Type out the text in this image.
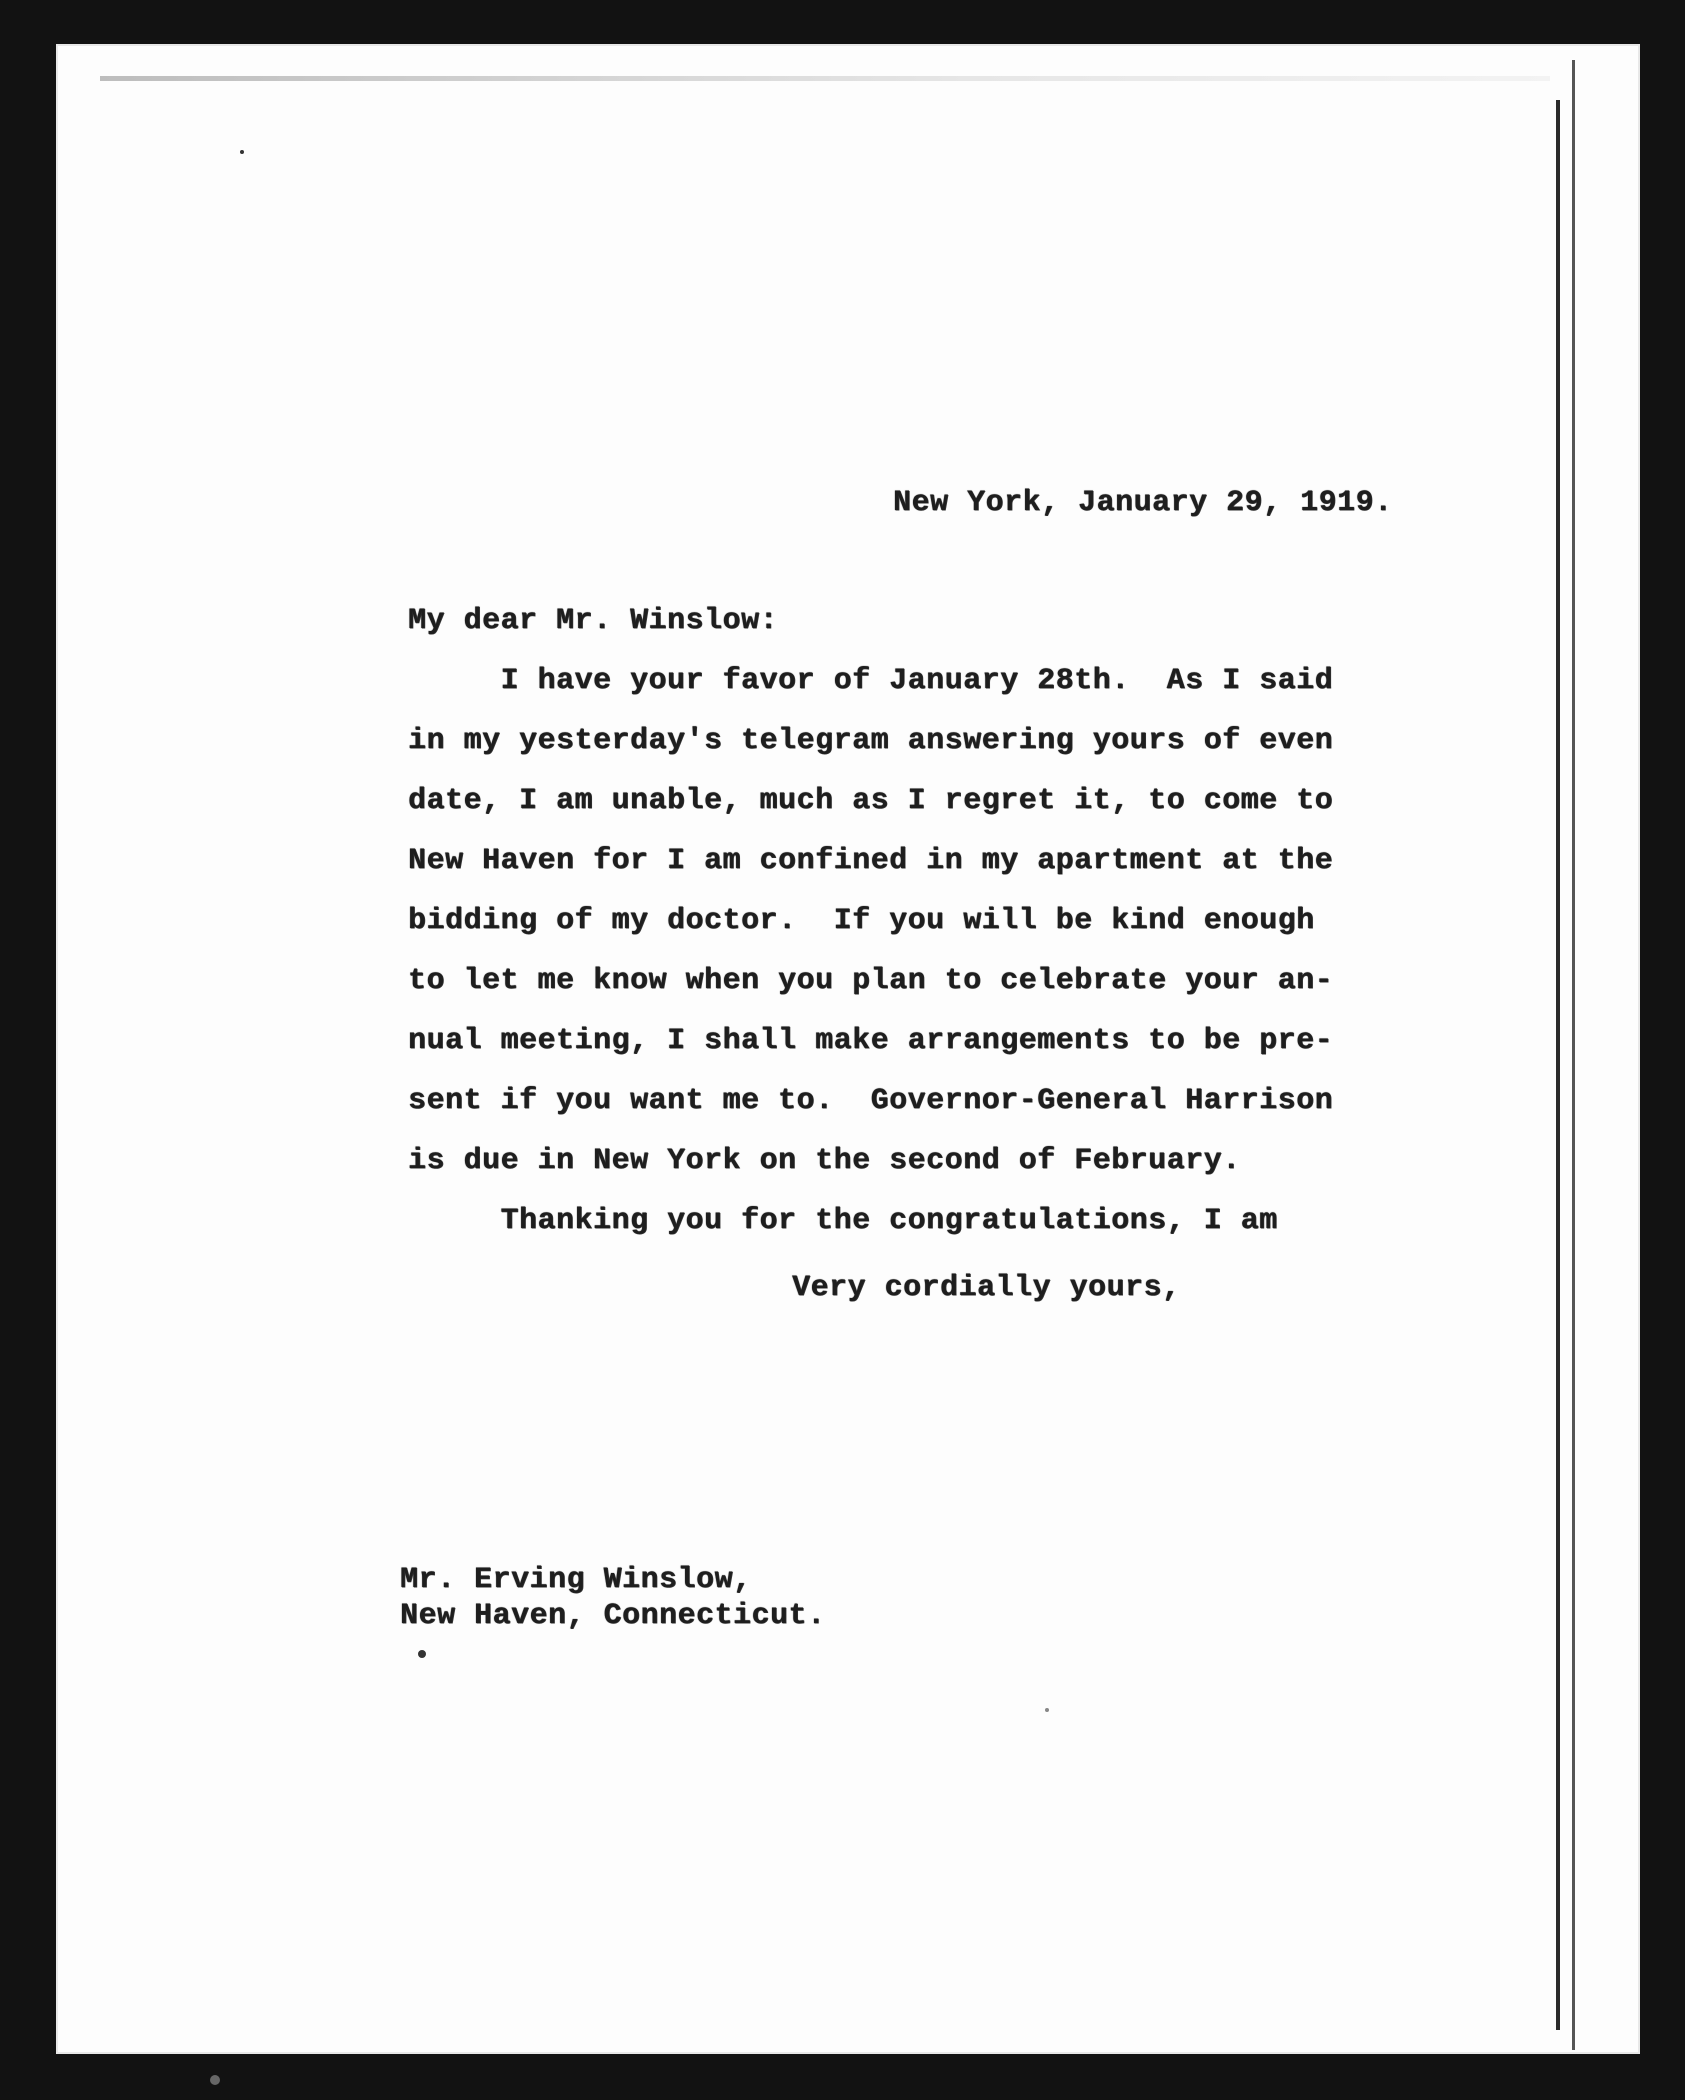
New York, January 29, 1919.
My dear Mr. Winslow:
I have your favor of January 28th.  As I said
in my yesterday's telegram answering yours of even
date, I am unable, much as I regret it, to come to
New Haven for I am confined in my apartment at the
bidding of my doctor.  If you will be kind enough
to let me know when you plan to celebrate your an-
nual meeting, I shall make arrangements to be pre-
sent if you want me to.  Governor-General Harrison
is due in New York on the second of February.
Thanking you for the congratulations, I am
Very cordially yours,
Mr. Erving Winslow,
New Haven, Connecticut.
